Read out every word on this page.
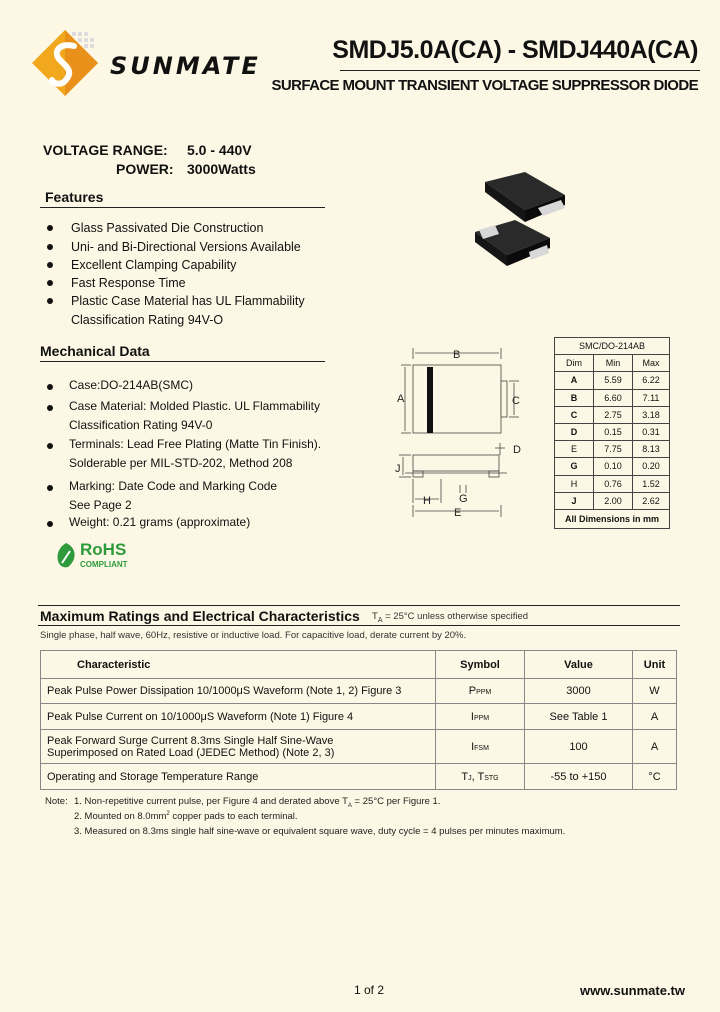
SUNMATE
SMDJ5.0A(CA) - SMDJ440A(CA)
SURFACE MOUNT TRANSIENT VOLTAGE SUPPRESSOR DIODE
VOLTAGE RANGE: 5.0 - 440V
POWER: 3000Watts
Features
Glass Passivated Die Construction
Uni- and Bi-Directional Versions Available
Excellent Clamping Capability
Fast Response Time
Plastic Case Material has UL Flammability
Classification Rating 94V-O
Mechanical Data
Case:DO-214AB(SMC)
Case Material: Molded Plastic. UL Flammability
Classification Rating 94V-0
Terminals: Lead Free Plating (Matte Tin Finish).
Solderable per MIL-STD-202, Method 208
Marking: Date Code and Marking Code
See Page 2
Weight: 0.21 grams (approximate)
RoHS
COMPLIANT
B
A	C
D
J
H	G
E
SMC/DO-214AB		
Dim	Min	Max
A	5.59	6.22
B	6.60	7.11
C	2.75	3.18
D	0.15	0.31
E	7.75	8.13
G	0.10	0.20
H	0.76	1.52
J	2.00	2.62
All Dimensions in mm		
Maximum Ratings and Electrical Characteristics $T_A = 25^\circ C$ unless otherwise specified
Single phase, half wave, 60Hz, resistive or inductive load. For capacitive load, derate current by 20%.
Characteristic	Symbol	Value	Unit
Peak Pulse Power Dissipation 10/1000μS Waveform (Note 1, 2) Figure 3	PPPM	3000	W
Peak Pulse Current on 10/1000μS Waveform (Note 1) Figure 4	IPPM	See Table 1	A

Peak Forward Surge Current 8.3ms Single Half Sine-Wave
Superimposed on Rated Load (JEDEC Method) (Note 2, 3)	IFSM	100	A
Operating and Storage Temperature Range	TJ, TSTG	-55 to +150	°C
Note: 1. Non-repetitive current pulse, per Figure 4 and derated above $T_A = 25^\circ C$ per Figure 1.
2. Mounted on $8.0mm^2$ copper pads to each terminal.
3. Measured on 8.3ms single half sine-wave or equivalent square wave, duty cycle = 4 pulses per minutes maximum.
1 of 2	www.sunmate.tw
